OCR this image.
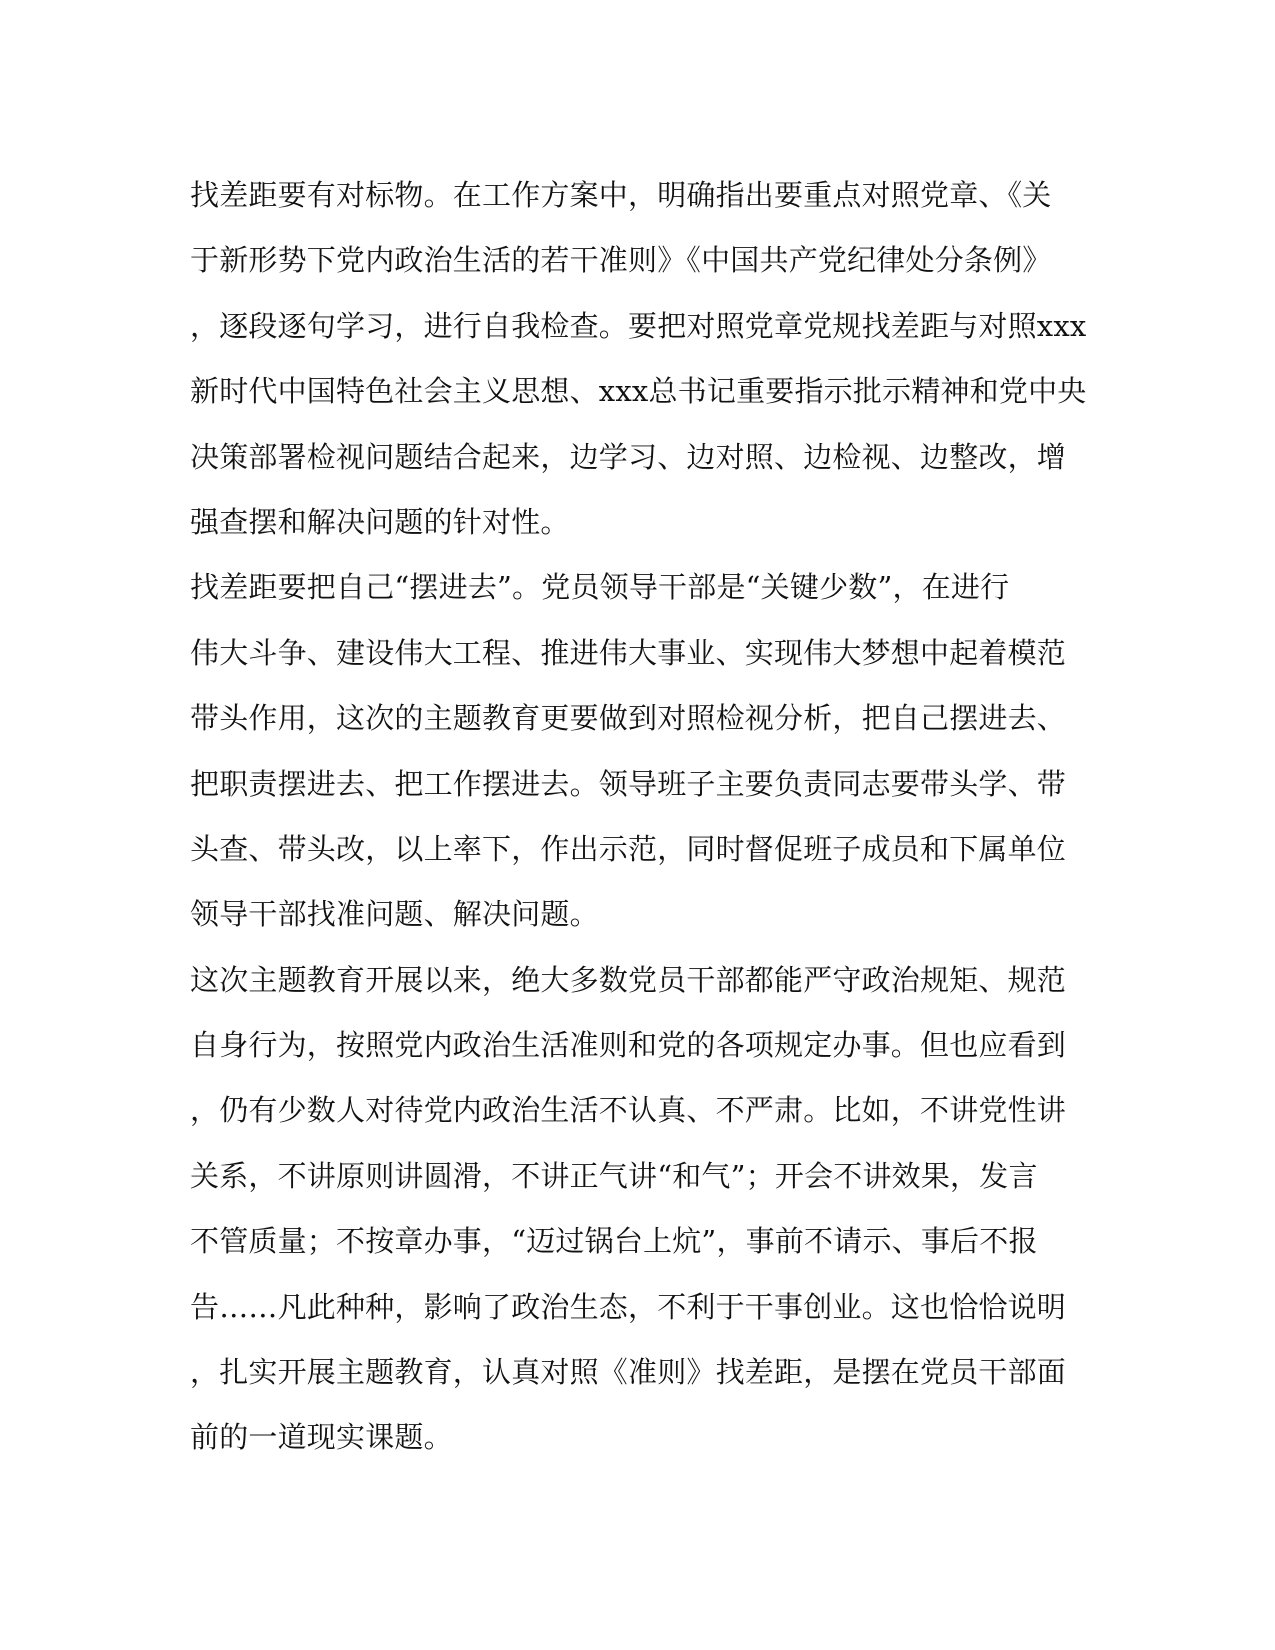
找差距要有对标物。在工作方案中，明确指出要重点对照党章、《关
于新形势下党内政治生活的若干准则》《中国共产党纪律处分条例》
，逐段逐句学习，进行自我检查。要把对照党章党规找差距与对照xxx
新时代中国特色社会主义思想、xxx总书记重要指示批示精神和党中央
决策部署检视问题结合起来，边学习、边对照、边检视、边整改，增
强查摆和解决问题的针对性。
找差距要把自己“摆进去”。党员领导干部是“关键少数”，在进行
伟大斗争、建设伟大工程、推进伟大事业、实现伟大梦想中起着模范
带头作用，这次的主题教育更要做到对照检视分析，把自己摆进去、
把职责摆进去、把工作摆进去。领导班子主要负责同志要带头学、带
头查、带头改，以上率下，作出示范，同时督促班子成员和下属单位
领导干部找准问题、解决问题。
这次主题教育开展以来，绝大多数党员干部都能严守政治规矩、规范
自身行为，按照党内政治生活准则和党的各项规定办事。但也应看到
，仍有少数人对待党内政治生活不认真、不严肃。比如，不讲党性讲
关系，不讲原则讲圆滑，不讲正气讲“和气”；开会不讲效果，发言
不管质量；不按章办事，“迈过锅台上炕”，事前不请示、事后不报
告……凡此种种，影响了政治生态，不利于干事创业。这也恰恰说明
，扎实开展主题教育，认真对照《准则》找差距，是摆在党员干部面
前的一道现实课题。
